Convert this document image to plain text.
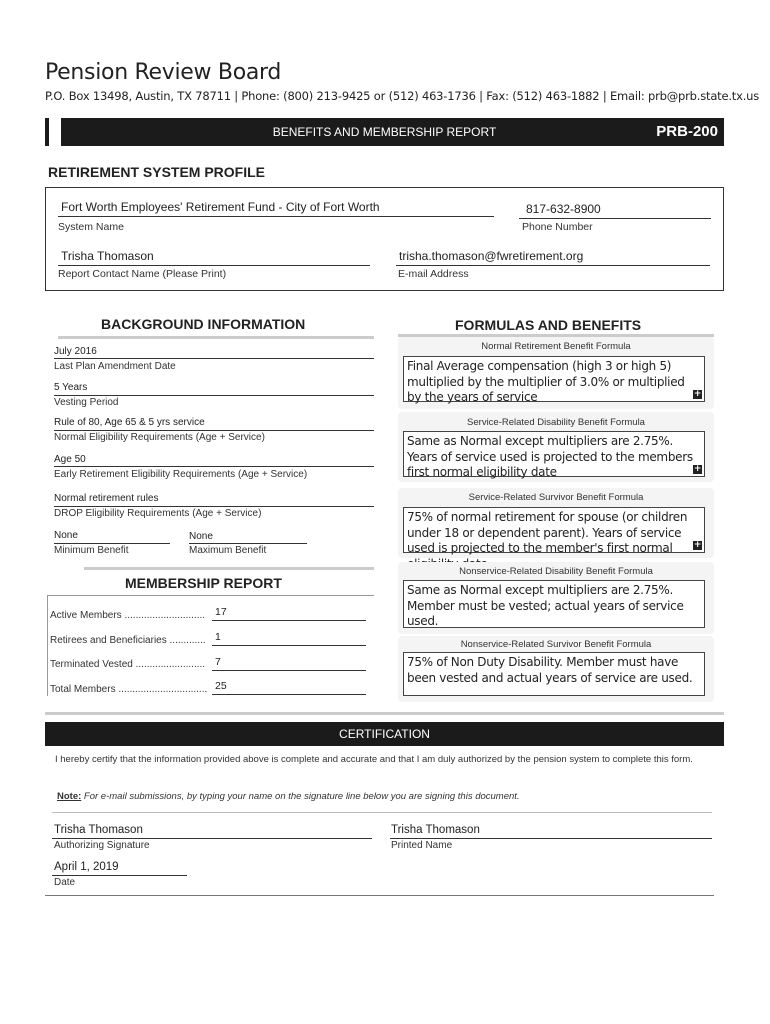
Pension Review Board
P.O. Box 13498, Austin, TX 78711 | Phone: (800) 213-9425 or (512) 463-1736 | Fax: (512) 463-1882 | Email: prb@prb.state.tx.us
BENEFITS AND MEMBERSHIP REPORT	PRB-200
RETIREMENT SYSTEM PROFILE
Fort Worth Employees' Retirement Fund - City of Fort Worth
System Name
817-632-8900
Phone Number
Trisha Thomason
Report Contact Name (Please Print)
trisha.thomason@fwretirement.org
E-mail Address
BACKGROUND INFORMATION
July 2016
Last Plan Amendment Date
5 Years
Vesting Period
Rule of 80, Age 65 & 5 yrs service
Normal Eligibility Requirements (Age + Service)
Age 50
Early Retirement Eligibility Requirements (Age + Service)
Normal retirement rules
DROP Eligibility Requirements (Age + Service)
None
Minimum Benefit
None
Maximum Benefit
MEMBERSHIP REPORT
Active Members ............................. 17
Retirees and Beneficiaries ............. 1
Terminated Vested ......................... 7
Total Members ................................ 25
FORMULAS AND BENEFITS
Normal Retirement Benefit Formula
Final Average compensation (high 3 or high 5) multiplied by the multiplier of 3.0% or multiplied by the years of service	+
Service-Related Disability Benefit Formula
Same as Normal except multipliers are 2.75%. Years of service used is projected to the members first normal eligibility date	+
Service-Related Survivor Benefit Formula
75% of normal retirement for spouse (or children under 18 or dependent parent). Years of service used is projected to the member's first normal +
Nonservice-Related Disability Benefit Formula
Same as Normal except multipliers are 2.75%. Member must be vested; actual years of service used.
Nonservice-Related Survivor Benefit Formula
75% of Non Duty Disability. Member must have been vested and actual years of service are used.
CERTIFICATION
I hereby certify that the information provided above is complete and accurate and that I am duly authorized by the pension system to complete this form.
Note: For e-mail submissions, by typing your name on the signature line below you are signing this document.
Trisha Thomason
Authorizing Signature
Trisha Thomason
Printed Name
April 1, 2019
Date
